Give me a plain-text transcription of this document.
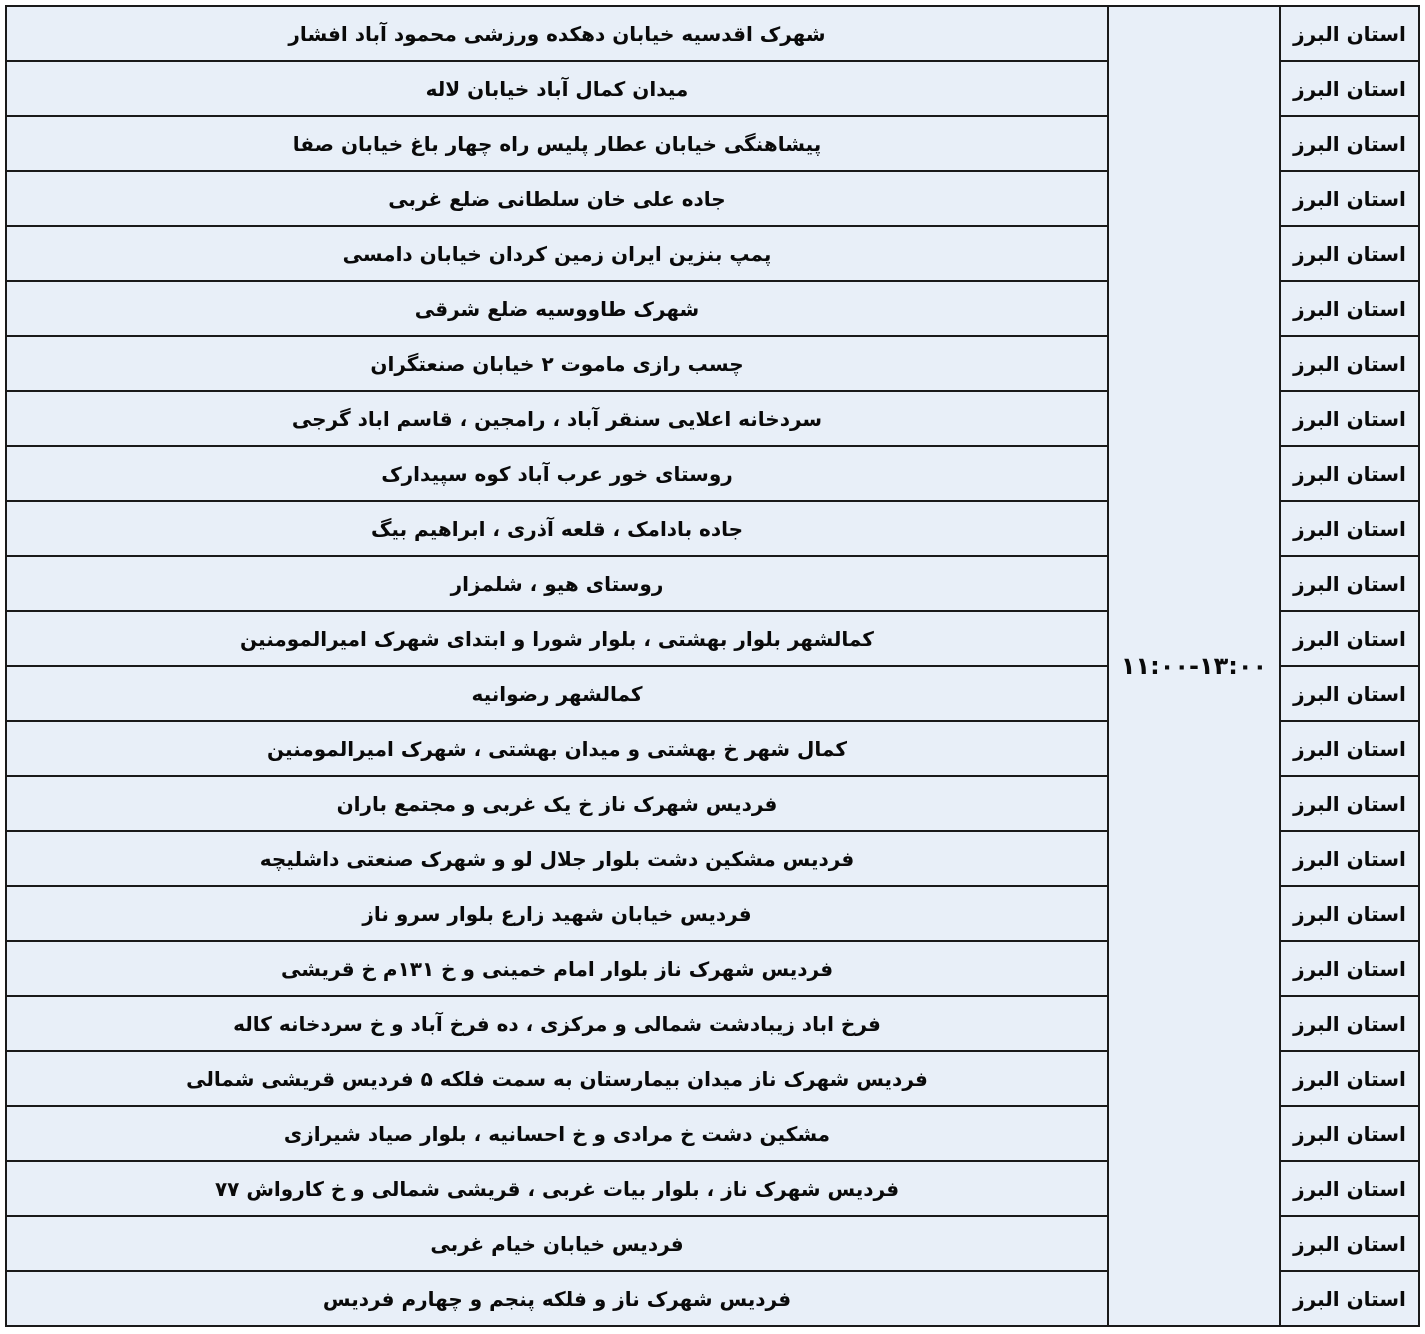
استان البرز	۱۱:۰۰-۱۳:۰۰	شهرک اقدسیه خیابان دهکده ورزشی محمود آباد افشار
استان البرز		میدان کمال آباد خیابان لاله
استان البرز		پیشاهنگی خیابان عطار پلیس راه چهار باغ خیابان صفا
استان البرز		جاده علی خان سلطانی ضلع غربی
استان البرز		پمپ بنزین ایران زمین کردان خیابان دامسی
استان البرز		شهرک طاووسیه ضلع شرقی
استان البرز		چسب رازی ماموت ۲ خیابان صنعتگران
استان البرز		سردخانه اعلایی سنقر آباد ، رامجین ، قاسم اباد گرجی
استان البرز		روستای خور عرب آباد کوه سپیدارک
استان البرز		جاده بادامک ، قلعه آذری ، ابراهیم بیگ
استان البرز		روستای هیو ، شلمزار
استان البرز		کمالشهر بلوار بهشتی ، بلوار شورا و ابتدای شهرک امیرالمومنین
استان البرز		کمالشهر رضوانیه
استان البرز		کمال شهر خ بهشتی و میدان بهشتی ، شهرک امیرالمومنین
استان البرز		فردیس شهرک ناز خ یک غربی و مجتمع باران
استان البرز		فردیس مشکین دشت بلوار جلال لو و شهرک صنعتی داشلیچه
استان البرز		فردیس خیابان شهید زارع بلوار سرو ناز
استان البرز		فردیس شهرک ناز بلوار امام خمینی و خ ۱۳۱م خ قریشی
استان البرز		فرخ اباد زیبادشت شمالی و مرکزی ، ده فرخ آباد و خ سردخانه کاله
استان البرز		فردیس شهرک ناز میدان بیمارستان به سمت فلکه ۵ فردیس قریشی شمالی
استان البرز		مشکین دشت خ مرادی و خ احسانیه ، بلوار صیاد شیرازی
استان البرز		فردیس شهرک ناز ، بلوار بیات غربی ، قریشی شمالی و خ کارواش ۷۷
استان البرز		فردیس خیابان خیام غربی
استان البرز		فردیس شهرک ناز و فلکه پنجم و چهارم فردیس
